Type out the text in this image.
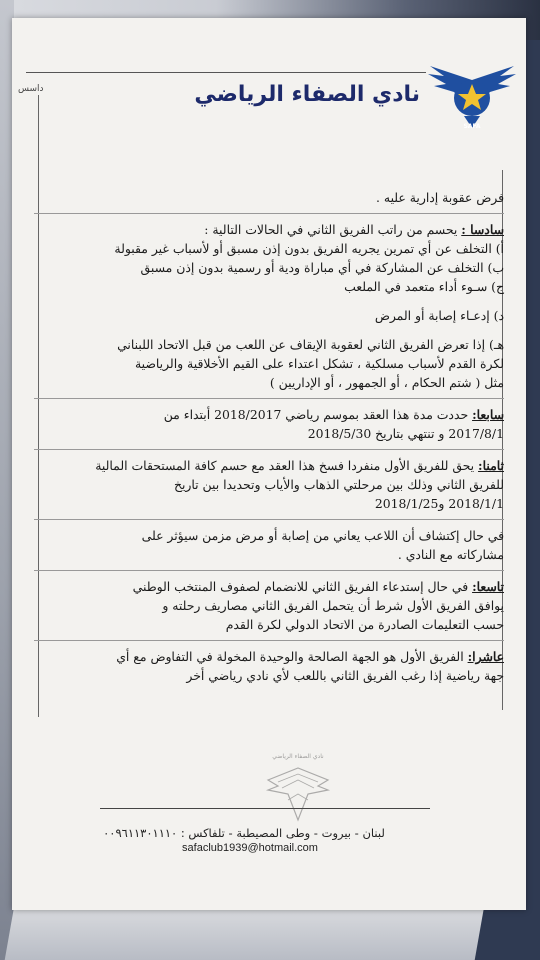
داسس	نادي الصفاء الرياضي
SAFA

فرض عقوبة إدارية عليه .

سادسا : يحسم من راتب الفريق الثاني في الحالات التالية :

أ) التخلف عن أي تمرين يجريه الفريق بدون إذن مسبق أو لأسباب غير مقبولة

ب) التخلف عن المشاركة في أي مباراة ودية أو رسمية بدون إذن مسبق

ج) سـوء أداء متعمد في الملعب

د) إدعـاء إصابة أو المرض

هـ) إذا تعرض الفريق الثاني لعقوبة الإيقاف عن اللعب من قبل الاتحاد اللبناني

لكرة القدم لأسباب مسلكية ، تشكل اعتداء على القيم الأخلاقية والرياضية

مثل ( شتم الحكام ، أو الجمهور ، أو الإداريين )

سابعا: حددت مدة هذا العقد بموسم رياضي 2018/2017 أبتداء من

2017/8/1 و تنتهي بتاريخ 2018/5/30

ثامنا: يحق للفريق الأول منفردا فسخ هذا العقد مع حسم كافة المستحقات المالية

للفريق الثاني وذلك بين مرحلتي الذهاب والأياب وتحديدا بين تاريخ

2018/1/1 و2018/1/25

في حال إكتشاف أن اللاعب يعاني من إصابة أو مرض مزمن سيؤثر على

مشاركاته مع النادي .

تاسعا: في حال إستدعاء الفريق الثاني للانضمام لصفوف المنتخب الوطني

يوافق الفريق الأول شرط أن يتحمل الفريق الثاني مصاريف رحلته و

حسب التعليمات الصادرة من الاتحاد الدولي لكرة القدم

عاشرا: الفريق الأول هو الجهة الصالحة والوحيدة المخولة في التفاوض مع أي

جهة رياضية إذا رغب الفريق الثاني باللعب لأي نادي رياضي أخر

نادي الصفاء الرياضي
لبنان - بيروت - وطى المصيطبة - تلفاكس : ٠٠٩٦١١٣٠١١١٠
safaclub1939@hotmail.com
